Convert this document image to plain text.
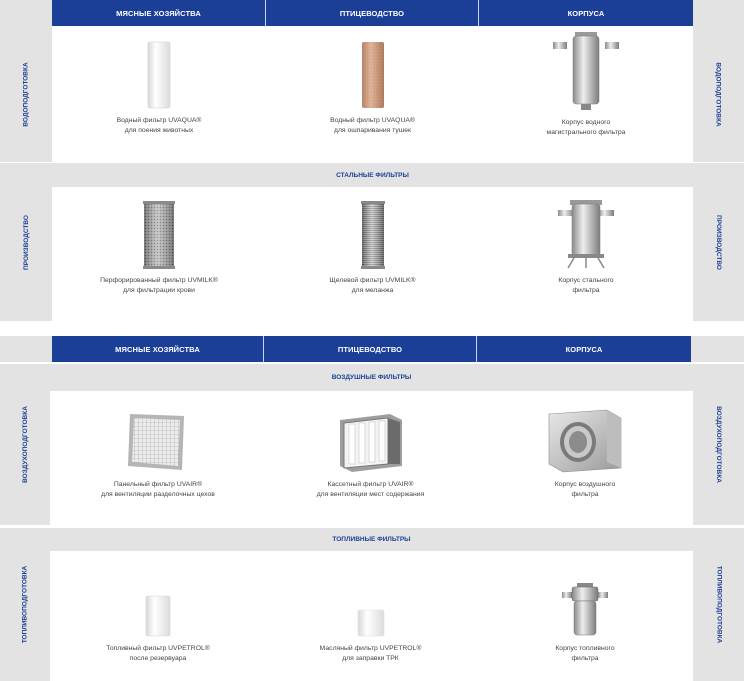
МЯСНЫЕ ХОЗЯЙСТВА	ПТИЦЕВОДСТВО	КОРПУСА
ВОДОПОДГОТОВКА	ВОДОПОДГОТОВКА
Водный фильтр UVAQUA®
для поения животных
Водный фильтр UVAQUA®
для ошпаривания тушек
Корпус водного
магистрального фильтра
ПРОИЗВОДСТВО	ПРОИЗВОДСТВО
СТАЛЬНЫЕ ФИЛЬТРЫ
Перфорированный фильтр UVMILK®
для фильтрации крови
Щелевой фильтр UVMILK®
для меланжа
Корпус стального
фильтра
МЯСНЫЕ ХОЗЯЙСТВА	ПТИЦЕВОДСТВО	КОРПУСА
ВОЗДУХОПОДГОТОВКА	ВОЗДУХОПОДГОТОВКА
ВОЗДУШНЫЕ ФИЛЬТРЫ
Панельный фильтр UVAIR®
для вентиляции разделочных цехов
Кассетный фильтр UVAIR®
для вентиляции мест содержания
Корпус воздушного
фильтра
ТОПЛИВОПОДГОТОВКА	ТОПЛИВОПОДГОТОВКА
ТОПЛИВНЫЕ ФИЛЬТРЫ
Топливный фильтр UVPETROL®
после резервуара
Масляный фильтр UVPETROL®
для заправки ТРК
Корпус топливного
фильтра
